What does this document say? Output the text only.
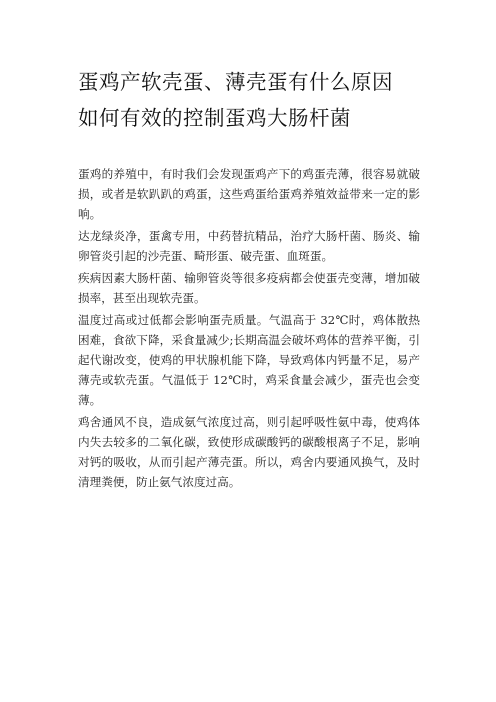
蛋鸡产软壳蛋、薄壳蛋有什么原因
如何有效的控制蛋鸡大肠杆菌

蛋鸡的养殖中，有时我们会发现蛋鸡产下的鸡蛋壳薄，很容易就破损，或者是软趴趴的鸡蛋，这些鸡蛋给蛋鸡养殖效益带来一定的影响。

达龙绿炎净，蛋禽专用，中药替抗精品，治疗大肠杆菌、肠炎、输卵管炎引起的沙壳蛋、畸形蛋、破壳蛋、血斑蛋。

疾病因素大肠杆菌、输卵管炎等很多疫病都会使蛋壳变薄，增加破损率，甚至出现软壳蛋。

温度过高或过低都会影响蛋壳质量。气温高于 32℃时，鸡体散热困难，食欲下降，采食量减少;长期高温会破坏鸡体的营养平衡，引起代谢改变，使鸡的甲状腺机能下降，导致鸡体内钙量不足，易产薄壳或软壳蛋。气温低于 12℃时，鸡采食量会减少，蛋壳也会变薄。

鸡舍通风不良，造成氨气浓度过高，则引起呼吸性氨中毒，使鸡体内失去较多的二氧化碳，致使形成碳酸钙的碳酸根离子不足，影响对钙的吸收，从而引起产薄壳蛋。所以，鸡舍内要通风换气，及时清理粪便，防止氨气浓度过高。
